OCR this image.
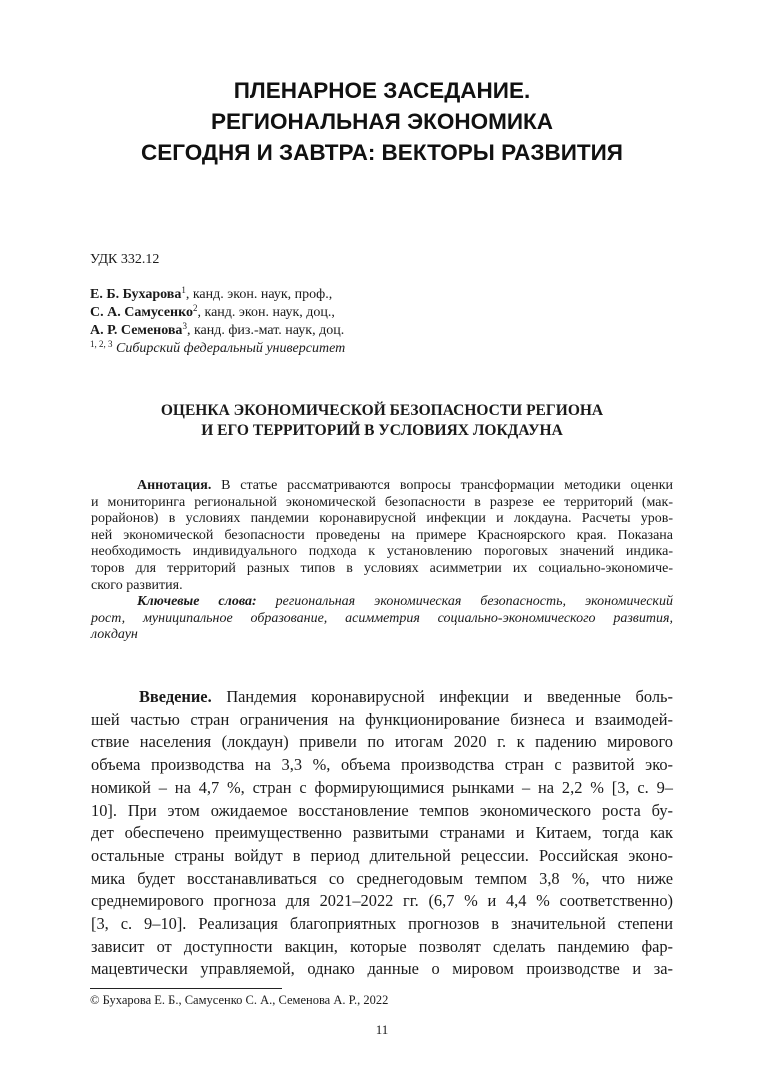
ПЛЕНАРНОЕ ЗАСЕДАНИЕ.
РЕГИОНАЛЬНАЯ ЭКОНОМИКА
СЕГОДНЯ И ЗАВТРА: ВЕКТОРЫ РАЗВИТИЯ
УДК 332.12
Е. Б. Бухарова$^1$, канд. экон. наук, проф.,
С. А. Самусенко$^2$, канд. экон. наук, доц.,
А. Р. Семенова$^3$, канд. физ.-мат. наук, доц.
$^{1, 2, 3}$ Сибирский федеральный университет
ОЦЕНКА ЭКОНОМИЧЕСКОЙ БЕЗОПАСНОСТИ РЕГИОНА
И ЕГО ТЕРРИТОРИЙ В УСЛОВИЯХ ЛОКДАУНА
Аннотация. В статье рассматриваются вопросы трансформации методики оценки
и мониторинга региональной экономической безопасности в разрезе ее территорий (мак-
рорайонов) в условиях пандемии коронавирусной инфекции и локдауна. Расчеты уров-
ней экономической безопасности проведены на примере Красноярского края. Показана
необходимость индивидуального подхода к установлению пороговых значений индика-
торов для территорий разных типов в условиях асимметрии их социально-экономиче-
ского развития.
Ключевые слова: региональная экономическая безопасность, экономический
рост, муниципальное образование, асимметрия социально-экономического развития,
локдаун
Введение. Пандемия коронавирусной инфекции и введенные боль-
шей частью стран ограничения на функционирование бизнеса и взаимодей-
ствие населения (локдаун) привели по итогам 2020 г. к падению мирового
объема производства на 3,3 %, объема производства стран с развитой эко-
номикой – на 4,7 %, стран с формирующимися рынками – на 2,2 % [3, с. 9–
10]. При этом ожидаемое восстановление темпов экономического роста бу-
дет обеспечено преимущественно развитыми странами и Китаем, тогда как
остальные страны войдут в период длительной рецессии. Российская эконо-
мика будет восстанавливаться со среднегодовым темпом 3,8 %, что ниже
среднемирового прогноза для 2021–2022 гг. (6,7 % и 4,4 % соответственно)
[3, с. 9–10]. Реализация благоприятных прогнозов в значительной степени
зависит от доступности вакцин, которые позволят сделать пандемию фар-
мацевтически управляемой, однако данные о мировом производстве и за-
© Бухарова Е. Б., Самусенко С. А., Семенова А. Р., 2022
11
